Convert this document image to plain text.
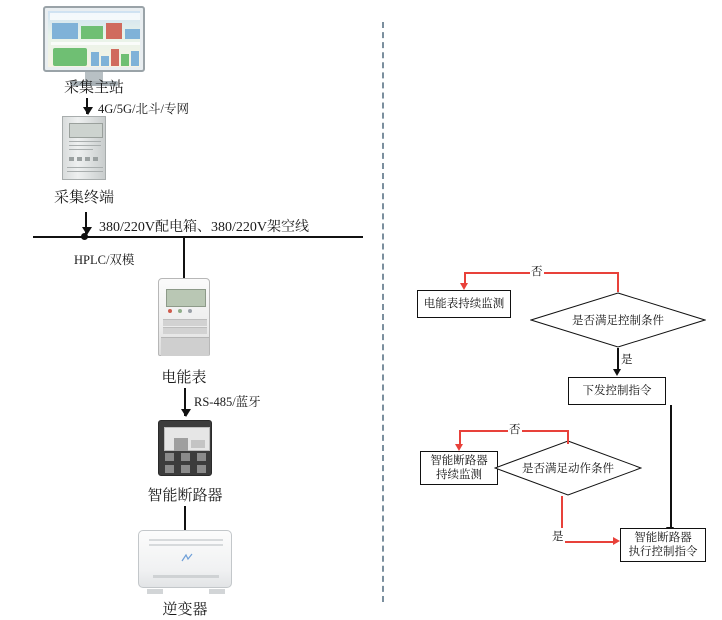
采集主站
4G/5G/北斗/专网
采集终端
380/220V配电箱、380/220V架空线
HPLC/双模
电能表
RS-485/蓝牙
智能断路器
逆变器
电能表持续监测
是否满足控制条件
否
是
下发控制指令
智能断路器
持续监测	是否满足动作条件
否
是	智能断路器
执行控制指令
